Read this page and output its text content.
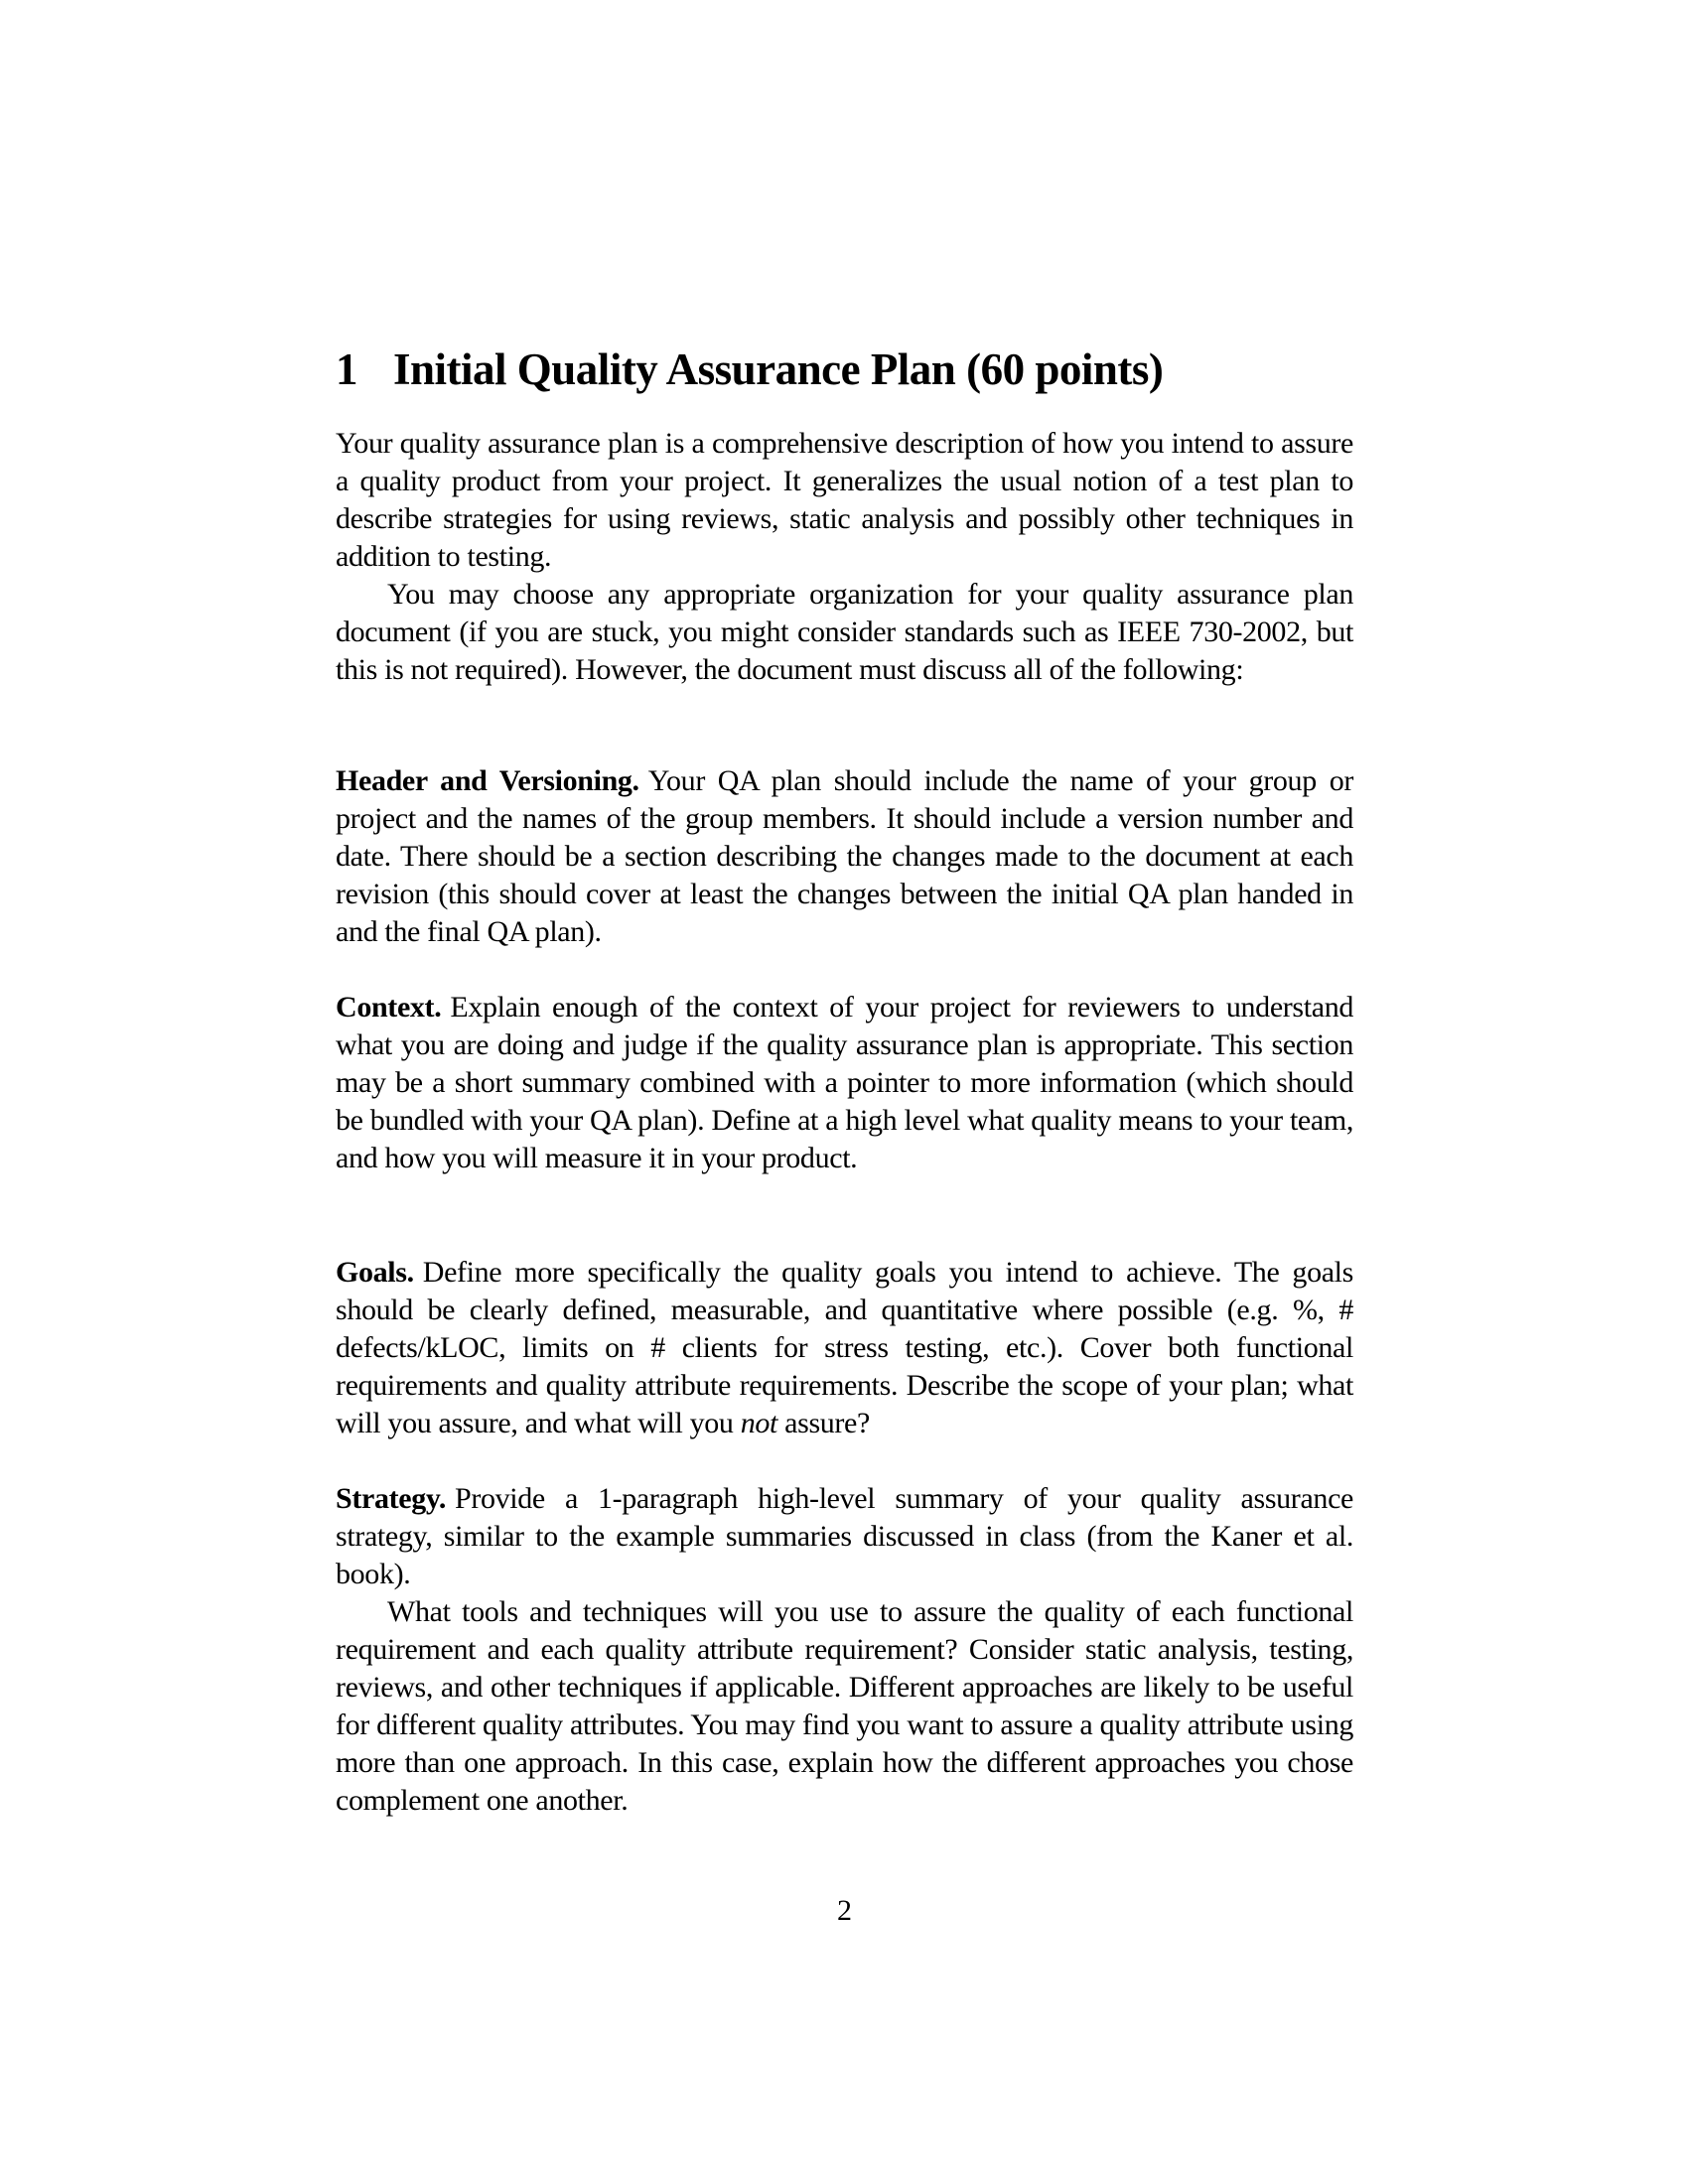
1 Initial Quality Assurance Plan (60 points)

Your quality assurance plan is a comprehensive description of how you intend to assure a quality product from your project. It generalizes the usual notion of a test plan to describe strategies for using reviews, static analysis and possibly other techniques in addition to testing.

You may choose any appropriate organization for your quality assurance plan document (if you are stuck, you might consider standards such as IEEE 730-2002, but this is not required). However, the document must discuss all of the following:

Header and Versioning. Your QA plan should include the name of your group or project and the names of the group members. It should include a version number and date. There should be a section describing the changes made to the document at each revision (this should cover at least the changes between the initial QA plan handed in and the final QA plan).

Context. Explain enough of the context of your project for reviewers to understand what you are doing and judge if the quality assurance plan is appropriate. This section may be a short summary combined with a pointer to more information (which should be bundled with your QA plan). Define at a high level what quality means to your team, and how you will measure it in your product.

Goals. Define more specifically the quality goals you intend to achieve. The goals should be clearly defined, measurable, and quantitative where possible (e.g. %, # defects/kLOC, limits on # clients for stress testing, etc.). Cover both functional requirements and quality attribute requirements. Describe the scope of your plan; what will you assure, and what will you not assure?

Strategy. Provide a 1-paragraph high-level summary of your quality assurance strategy, similar to the example summaries discussed in class (from the Kaner et al. book).

What tools and techniques will you use to assure the quality of each functional requirement and each quality attribute requirement? Consider static analysis, testing, reviews, and other techniques if applicable. Different approaches are likely to be useful for different quality attributes. You may find you want to assure a quality attribute using more than one approach. In this case, explain how the different approaches you chose complement one another.

2
